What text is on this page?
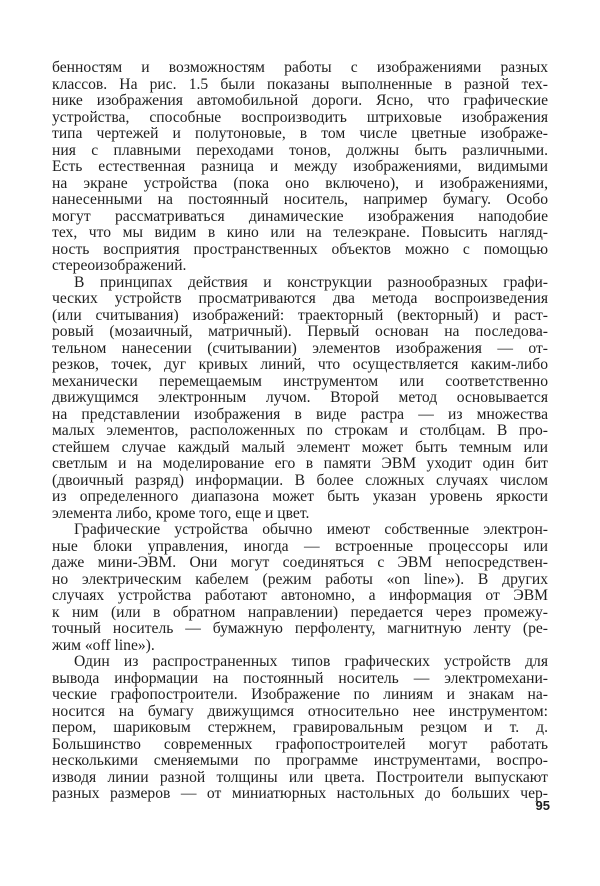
бенностям и возможностям работы с изображениями разных
классов. На рис. 1.5 были показаны выполненные в разной тех-
нике изображения автомобильной дороги. Ясно, что графические
устройства, способные воспроизводить штриховые изображения
типа чертежей и полутоновые, в том числе цветные изображе-
ния с плавными переходами тонов, должны быть различными.
Есть естественная разница и между изображениями, видимыми
на экране устройства (пока оно включено), и изображениями,
нанесенными на постоянный носитель, например бумагу. Особо
могут рассматриваться динамические изображения наподобие
тех, что мы видим в кино или на телеэкране. Повысить нагляд-
ность восприятия пространственных объектов можно с помощью
стереоизображений.
В принципах действия и конструкции разнообразных графи-
ческих устройств просматриваются два метода воспроизведения
(или считывания) изображений: траекторный (векторный) и раст-
ровый (мозаичный, матричный). Первый основан на последова-
тельном нанесении (считывании) элементов изображения — от-
резков, точек, дуг кривых линий, что осуществляется каким-либо
механически перемещаемым инструментом или соответственно
движущимся электронным лучом. Второй метод основывается
на представлении изображения в виде растра — из множества
малых элементов, расположенных по строкам и столбцам. В про-
стейшем случае каждый малый элемент может быть темным или
светлым и на моделирование его в памяти ЭВМ уходит один бит
(двоичный разряд) информации. В более сложных случаях числом
из определенного диапазона может быть указан уровень яркости
элемента либо, кроме того, еще и цвет.
Графические устройства обычно имеют собственные электрон-
ные блоки управления, иногда — встроенные процессоры или
даже мини-ЭВМ. Они могут соединяться с ЭВМ непосредствен-
но электрическим кабелем (режим работы «on line»). В других
случаях устройства работают автономно, а информация от ЭВМ
к ним (или в обратном направлении) передается через промежу-
точный носитель — бумажную перфоленту, магнитную ленту (ре-
жим «off line»).
Один из распространенных типов графических устройств для
вывода информации на постоянный носитель — электромехани-
ческие графопостроители. Изображение по линиям и знакам на-
носится на бумагу движущимся относительно нее инструментом:
пером, шариковым стержнем, гравировальным резцом и т. д.
Большинство современных графопостроителей могут работать
несколькими сменяемыми по программе инструментами, воспро-
изводя линии разной толщины или цвета. Построители выпускают
разных размеров — от миниатюрных настольных до больших чер-
95
